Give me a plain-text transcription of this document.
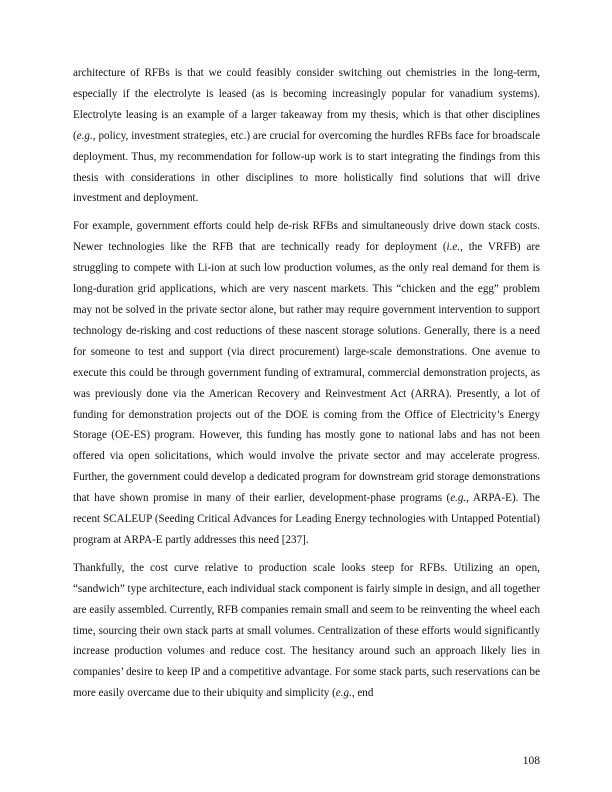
architecture of RFBs is that we could feasibly consider switching out chemistries in the long-term, especially if the electrolyte is leased (as is becoming increasingly popular for vanadium systems). Electrolyte leasing is an example of a larger takeaway from my thesis, which is that other disciplines (e.g., policy, investment strategies, etc.) are crucial for overcoming the hurdles RFBs face for broadscale deployment. Thus, my recommendation for follow-up work is to start integrating the findings from this thesis with considerations in other disciplines to more holistically find solutions that will drive investment and deployment.

For example, government efforts could help de-risk RFBs and simultaneously drive down stack costs. Newer technologies like the RFB that are technically ready for deployment (i.e., the VRFB) are struggling to compete with Li-ion at such low production volumes, as the only real demand for them is long-duration grid applications, which are very nascent markets. This “chicken and the egg” problem may not be solved in the private sector alone, but rather may require government intervention to support technology de-risking and cost reductions of these nascent storage solutions. Generally, there is a need for someone to test and support (via direct procurement) large-scale demonstrations. One avenue to execute this could be through government funding of extramural, commercial demonstration projects, as was previously done via the American Recovery and Reinvestment Act (ARRA). Presently, a lot of funding for demonstration projects out of the DOE is coming from the Office of Electricity’s Energy Storage (OE-ES) program. However, this funding has mostly gone to national labs and has not been offered via open solicitations, which would involve the private sector and may accelerate progress. Further, the government could develop a dedicated program for downstream grid storage demonstrations that have shown promise in many of their earlier, development-phase programs (e.g., ARPA-E). The recent SCALEUP (Seeding Critical Advances for Leading Energy technologies with Untapped Potential) program at ARPA-E partly addresses this need [237].

Thankfully, the cost curve relative to production scale looks steep for RFBs. Utilizing an open, “sandwich” type architecture, each individual stack component is fairly simple in design, and all together are easily assembled. Currently, RFB companies remain small and seem to be reinventing the wheel each time, sourcing their own stack parts at small volumes. Centralization of these efforts would significantly increase production volumes and reduce cost. The hesitancy around such an approach likely lies in companies’ desire to keep IP and a competitive advantage. For some stack parts, such reservations can be more easily overcame due to their ubiquity and simplicity (e.g., end

108
